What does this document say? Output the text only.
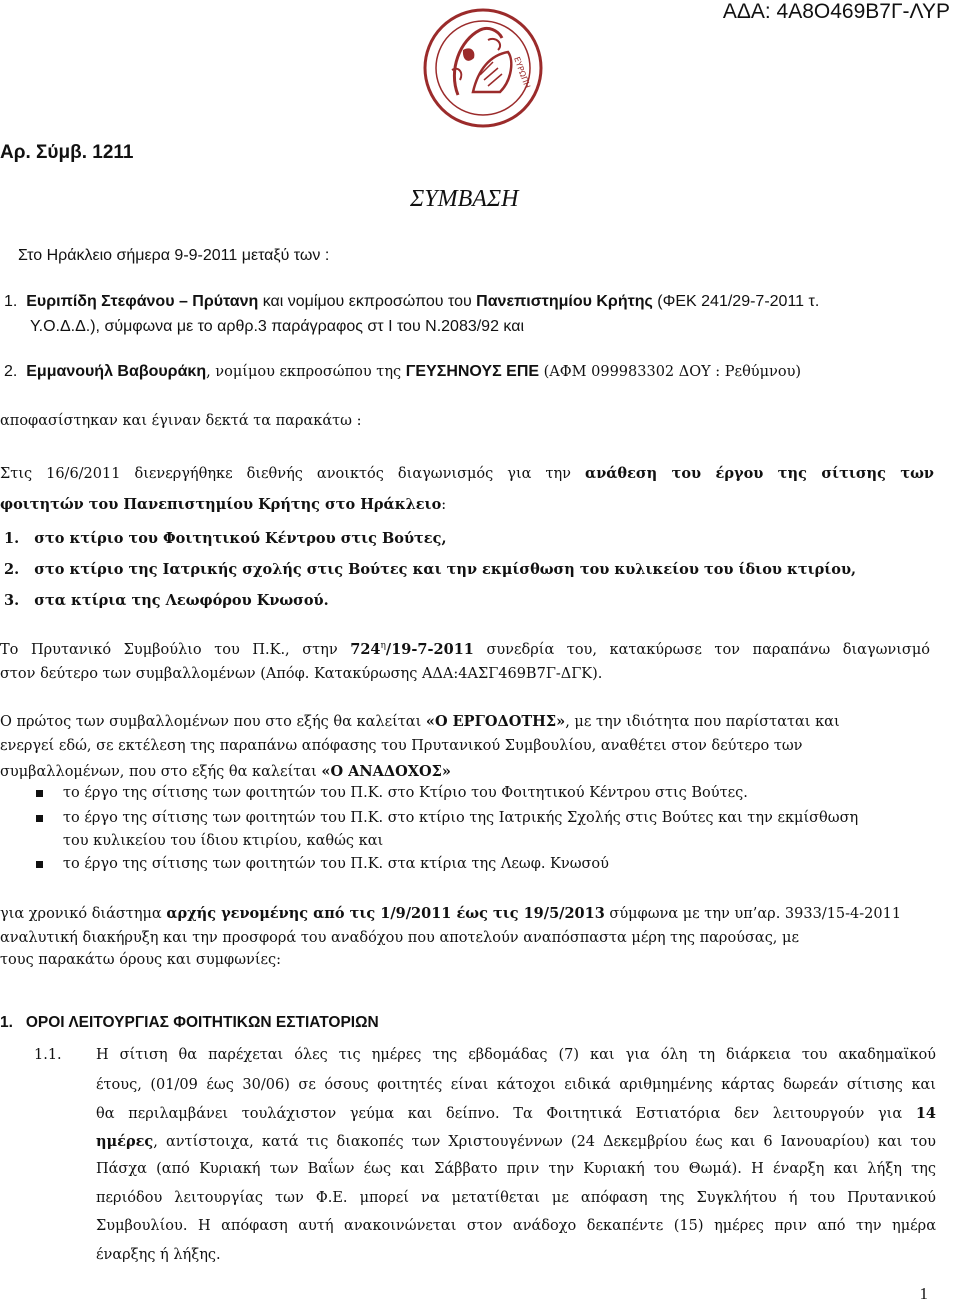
ΑΔΑ: 4Α8Ο469Β7Γ-ΛΥΡ
ΕΥΡΩΠΗ
Αρ. Σύμβ. 1211
ΣΥΜΒΑΣΗ
Στο Ηράκλειο σήμερα 9-9-2011 μεταξύ των :
1. Ευριπίδη Στεφάνου – Πρύτανη και νομίμου εκπροσώπου του Πανεπιστημίου Κρήτης (ΦΕΚ 241/29-7-2011 τ.
Υ.Ο.Δ.Δ.), σύμφωνα με το αρθρ.3 παράγραφος στ Ι του Ν.2083/92 και
2. Εμμανουήλ Βαβουράκη, νομίμου εκπροσώπου της ΓΕΥΣΗΝΟΥΣ ΕΠΕ (ΑΦΜ 099983302 ΔΟΥ : Ρεθύμνου)
αποφασίστηκαν και έγιναν δεκτά τα παρακάτω :
Στις 16/6/2011 διενεργήθηκε διεθνής ανοικτός διαγωνισμός για την ανάθεση του έργου της σίτισης των
φοιτητών του Πανεπιστημίου Κρήτης στο Ηράκλειο:
1. στο κτίριο του Φοιτητικού Κέντρου στις Βούτες,
2. στο κτίριο της Ιατρικής σχολής στις Βούτες και την εκμίσθωση του κυλικείου του ίδιου κτιρίου,
3. στα κτίρια της Λεωφόρου Κνωσού.
Το Πρυτανικό Συμβούλιο του Π.Κ., στην $724^\eta/19-7-2011$ συνεδρία του, κατακύρωσε τον παραπάνω διαγωνισμό
στον δεύτερο των συμβαλλομένων (Απόφ. Κατακύρωσης ΑΔΑ:4ΑΣΓ469Β7Γ-ΔΓΚ).
Ο πρώτος των συμβαλλομένων που στο εξής θα καλείται «Ο ΕΡΓΟΔΟΤΗΣ», με την ιδιότητα που παρίσταται και
ενεργεί εδώ, σε εκτέλεση της παραπάνω απόφασης του Πρυτανικού Συμβουλίου, αναθέτει στον δεύτερο των
συμβαλλομένων, που στο εξής θα καλείται «Ο ΑΝΑΔΟΧΟΣ»
το έργο της σίτισης των φοιτητών του Π.Κ. στο Κτίριο του Φοιτητικού Κέντρου στις Βούτες.
το έργο της σίτισης των φοιτητών του Π.Κ. στο κτίριο της Ιατρικής Σχολής στις Βούτες και την εκμίσθωση
του κυλικείου του ίδιου κτιρίου, καθώς και
το έργο της σίτισης των φοιτητών του Π.Κ. στα κτίρια της Λεωφ. Κνωσού
για χρονικό διάστημα αρχής γενομένης από τις 1/9/2011 έως τις 19/5/2013 σύμφωνα με την υπ’αρ. 3933/15-4-2011
αναλυτική διακήρυξη και την προσφορά του αναδόχου που αποτελούν αναπόσπαστα μέρη της παρούσας, με
τους παρακάτω όρους και συμφωνίες:
1. ΟΡΟΙ ΛΕΙΤΟΥΡΓΙΑΣ ΦΟΙΤΗΤΙΚΩΝ ΕΣΤΙΑΤΟΡΙΩΝ
1.1. Η σίτιση θα παρέχεται όλες τις ημέρες της εβδομάδας (7) και για όλη τη διάρκεια του ακαδημαϊκού
έτους, (01/09 έως 30/06) σε όσους φοιτητές είναι κάτοχοι ειδικά αριθμημένης κάρτας δωρεάν σίτισης και
θα περιλαμβάνει τουλάχιστον γεύμα και δείπνο. Τα Φοιτητικά Εστιατόρια δεν λειτουργούν για 14
ημέρες, αντίστοιχα, κατά τις διακοπές των Χριστουγέννων (24 Δεκεμβρίου έως και 6 Ιανουαρίου) και του
Πάσχα (από Κυριακή των Βαΐων έως και Σάββατο πριν την Κυριακή του Θωμά). Η έναρξη και λήξη της
περιόδου λειτουργίας των Φ.Ε. μπορεί να μετατίθεται με απόφαση της Συγκλήτου ή του Πρυτανικού
Συμβουλίου. Η απόφαση αυτή ανακοινώνεται στον ανάδοχο δεκαπέντε (15) ημέρες πριν από την ημέρα
έναρξης ή λήξης.
1
